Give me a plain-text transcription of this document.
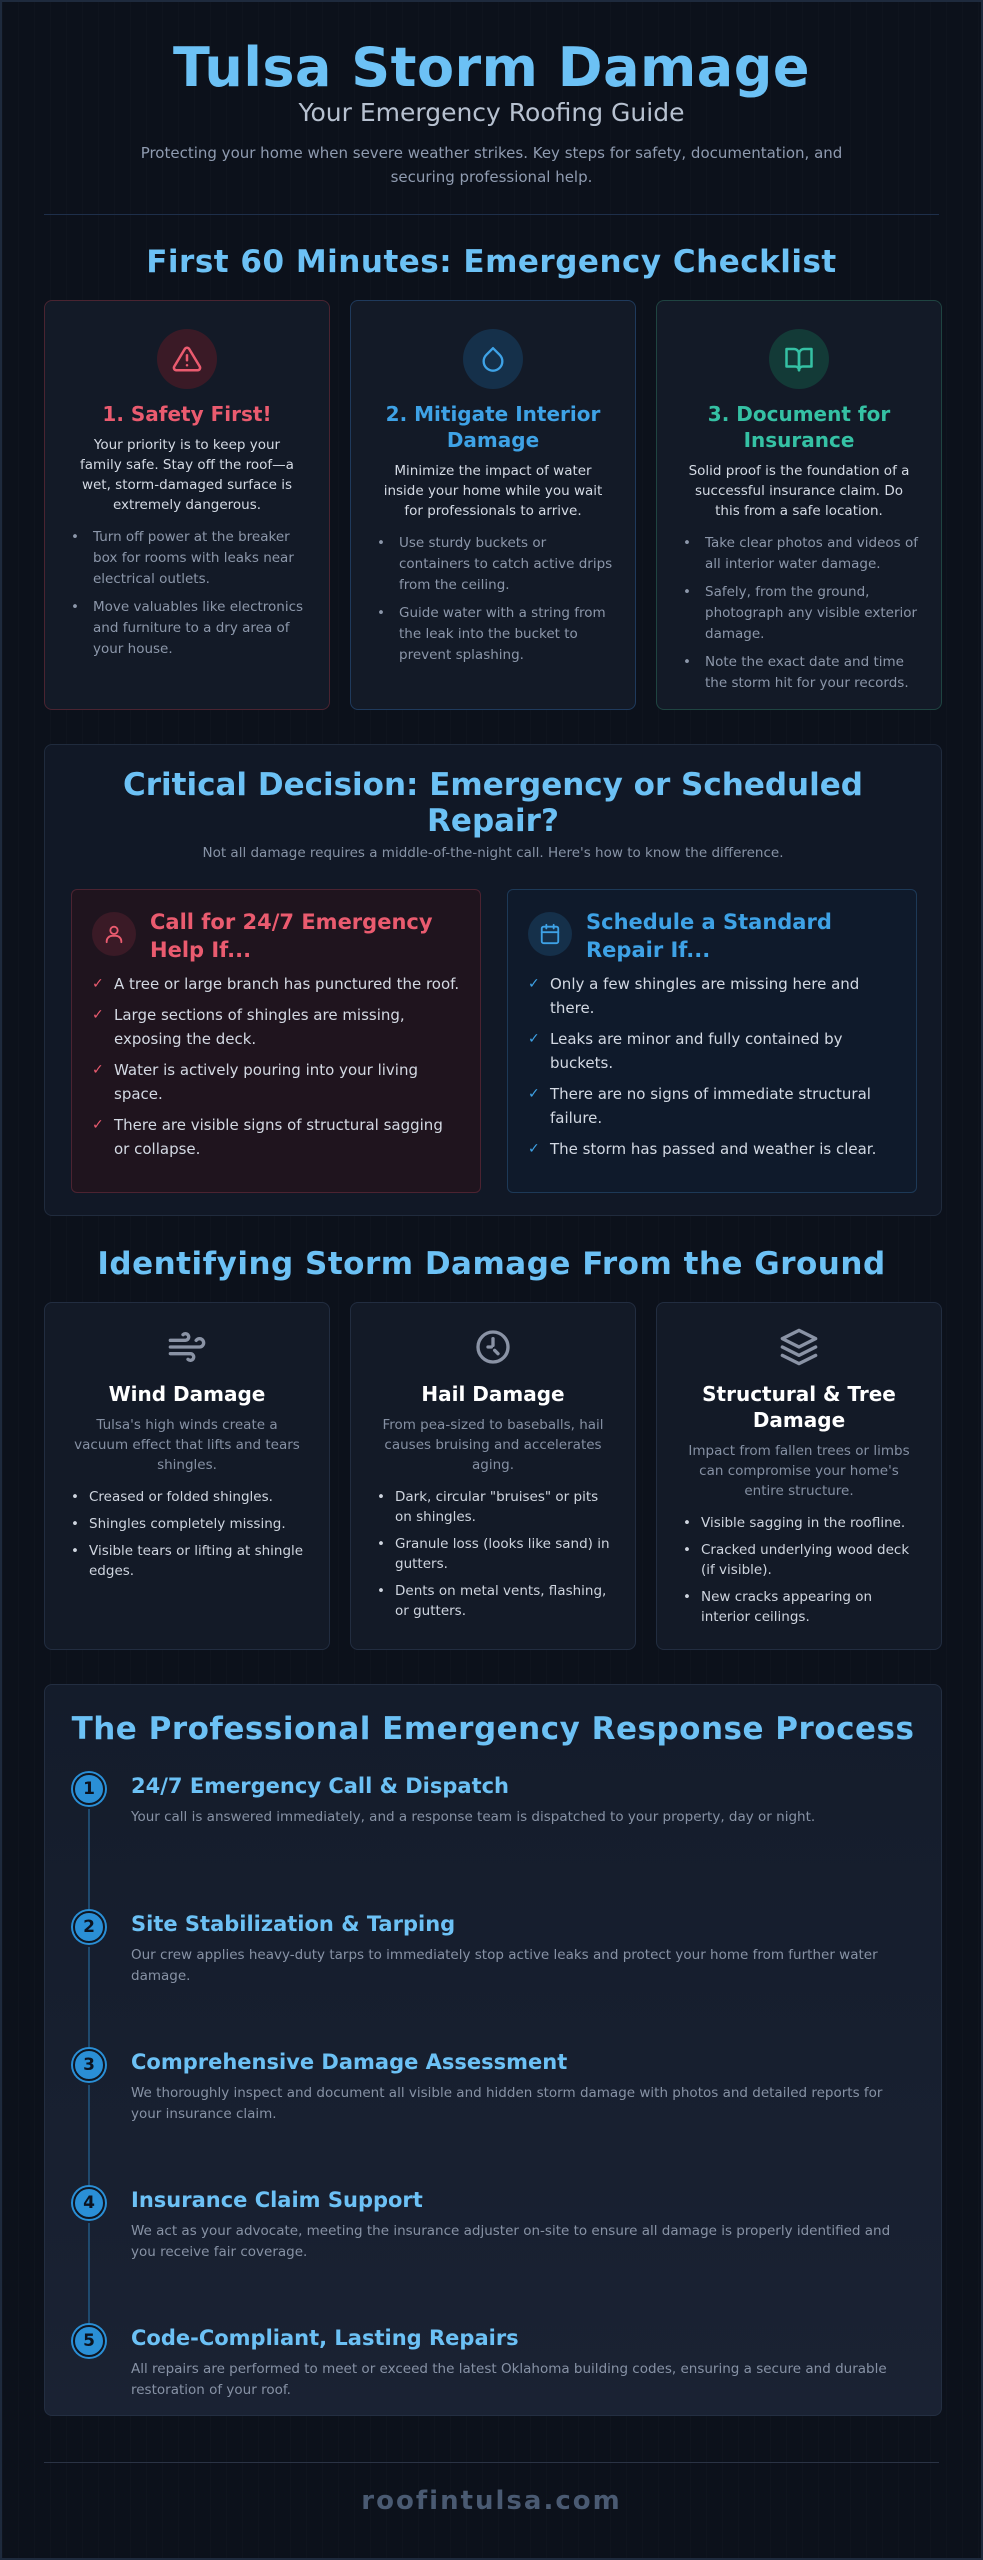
Tulsa Storm Damage
Your Emergency Roofing Guide
Protecting your home when severe weather strikes. Key steps for safety, documentation, and securing professional help.
First 60 Minutes: Emergency Checklist
1. Safety First!
Your priority is to keep your family safe. Stay off the roof—a wet, storm-damaged surface is extremely dangerous.
• Turn off power at the breaker box for rooms with leaks near electrical outlets.
• Move valuables like electronics and furniture to a dry area of your house.
2. Mitigate Interior Damage
Minimize the impact of water inside your home while you wait for professionals to arrive.
• Use sturdy buckets or containers to catch active drips from the ceiling.
• Guide water with a string from the leak into the bucket to prevent splashing.
3. Document for Insurance
Solid proof is the foundation of a successful insurance claim. Do this from a safe location.
• Take clear photos and videos of all interior water damage.
• Safely, from the ground, photograph any visible exterior damage.
• Note the exact date and time the storm hit for your records.
Critical Decision: Emergency or Scheduled Repair?
Not all damage requires a middle-of-the-night call. Here's how to know the difference.
Call for 24/7 Emergency Help If...
✓ A tree or large branch has punctured the roof.
✓ Large sections of shingles are missing, exposing the deck.
✓ Water is actively pouring into your living space.
✓ There are visible signs of structural sagging or collapse.
Schedule a Standard Repair If...
✓ Only a few shingles are missing here and there.
✓ Leaks are minor and fully contained by buckets.
✓ There are no signs of immediate structural failure.
✓ The storm has passed and weather is clear.
Identifying Storm Damage From the Ground
Wind Damage
Tulsa's high winds create a vacuum effect that lifts and tears shingles.
• Creased or folded shingles.
• Shingles completely missing.
• Visible tears or lifting at shingle edges.
Hail Damage
From pea-sized to baseballs, hail causes bruising and accelerates aging.
• Dark, circular "bruises" or pits on shingles.
• Granule loss (looks like sand) in gutters.
• Dents on metal vents, flashing, or gutters.
Structural & Tree Damage
Impact from fallen trees or limbs can compromise your home's entire structure.
• Visible sagging in the roofline.
• Cracked underlying wood deck (if visible).
• New cracks appearing on interior ceilings.
The Professional Emergency Response Process
1	24/7 Emergency Call & Dispatch
Your call is answered immediately, and a response team is dispatched to your property, day or night.
2	Site Stabilization & Tarping
Our crew applies heavy-duty tarps to immediately stop active leaks and protect your home from further water damage.
3	Comprehensive Damage Assessment
We thoroughly inspect and document all visible and hidden storm damage with photos and detailed reports for your insurance claim.
4	Insurance Claim Support
We act as your advocate, meeting the insurance adjuster on-site to ensure all damage is properly identified and you receive fair coverage.
5	Code-Compliant, Lasting Repairs
All repairs are performed to meet or exceed the latest Oklahoma building codes, ensuring a secure and durable restoration of your roof.
roofintulsa.com
